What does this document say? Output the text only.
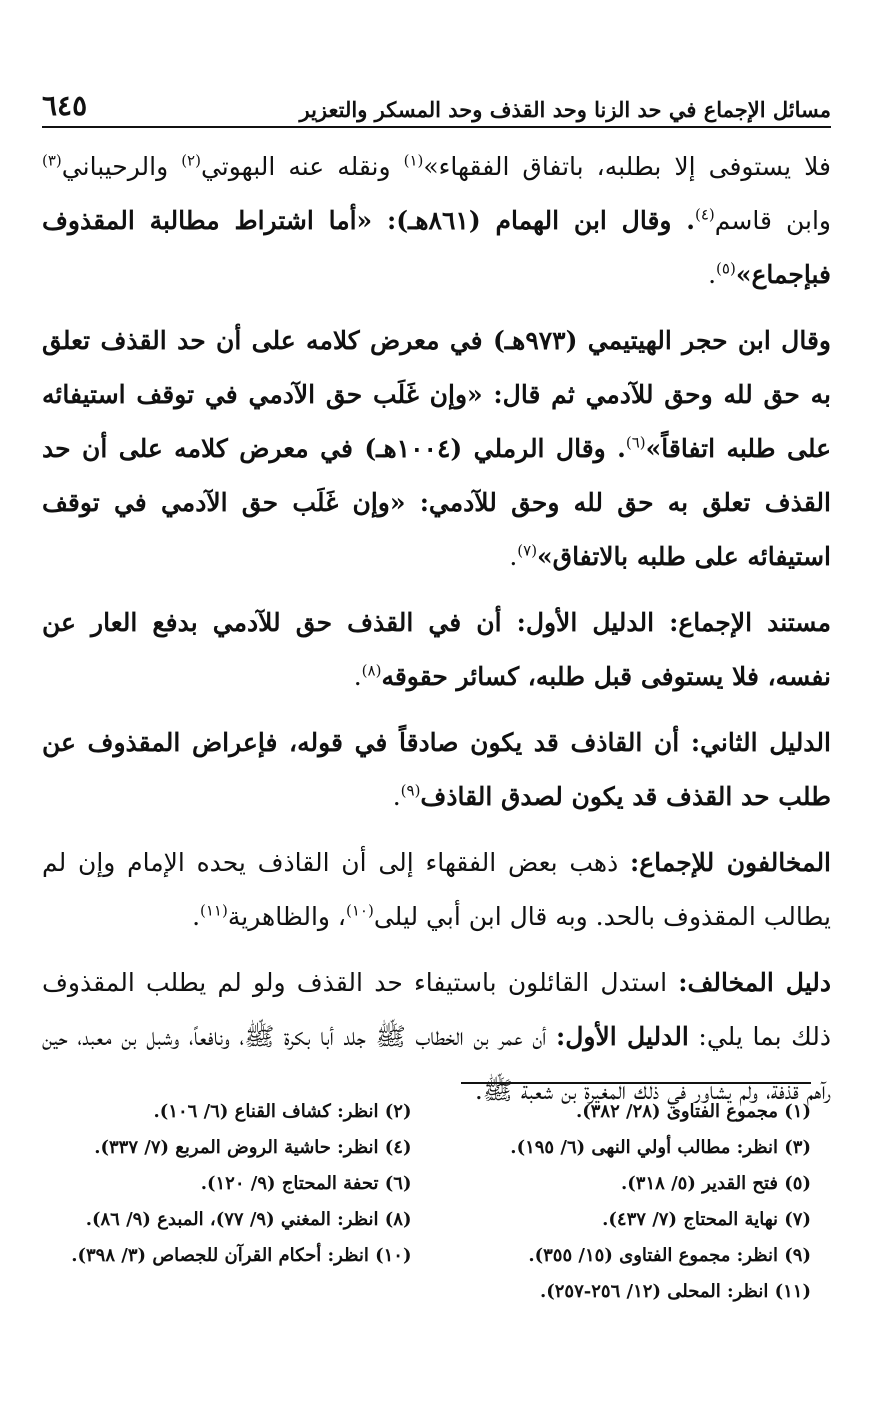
مسائل الإجماع في حد الزنا وحد القذف وحد المسكر والتعزير
٦٤٥

فلا يستوفى إلا بطلبه، باتفاق الفقهاء»$^{(١)}$ ونقله عنه البهوتي$^{(٢)}$ والرحيباني$^{(٣)}$ وابن قاسم$^{(٤)}$. وقال ابن الهمام (٨٦١هـ): «أما اشتراط مطالبة المقذوف فبإجماع»$^{(٥)}$.

وقال ابن حجر الهيتيمي (٩٧٣هـ) في معرض كلامه على أن حد القذف تعلق به حق لله وحق للآدمي ثم قال: «وإن غَلَب حق الآدمي في توقف استيفائه على طلبه اتفاقاً»$^{(٦)}$. وقال الرملي (١٠٠٤هـ) في معرض كلامه على أن حد القذف تعلق به حق لله وحق للآدمي: «وإن غَلَب حق الآدمي في توقف استيفائه على طلبه بالاتفاق»$^{(٧)}$.

مستند الإجماع: الدليل الأول: أن في القذف حق للآدمي بدفع العار عن نفسه، فلا يستوفى قبل طلبه، كسائر حقوقه$^{(٨)}$.

الدليل الثاني: أن القاذف قد يكون صادقاً في قوله، فإعراض المقذوف عن طلب حد القذف قد يكون لصدق القاذف$^{(٩)}$.

المخالفون للإجماع: ذهب بعض الفقهاء إلى أن القاذف يحده الإمام وإن لم يطالب المقذوف بالحد. وبه قال ابن أبي ليلى$^{(١٠)}$، والظاهرية$^{(١١)}$.

دليل المخالف: استدل القائلون باستيفاء حد القذف ولو لم يطلب المقذوف ذلك بما يلي: الدليل الأول: أن عمر بن الخطاب ﷺ جلد أبا بكرة ﷺ، ونافعاً، وشبل بن معبد، حين رآهم قذفة، ولم يشاور في ذلك المغيرة بن شعبة ﷺ.

(١) مجموع الفتاوى (٢٨/ ٣٨٢).
(٢) انظر: كشاف القناع (٦/ ١٠٦).
(٣) انظر: مطالب أولي النهى (٦/ ١٩٥).
(٤) انظر: حاشية الروض المربع (٧/ ٣٣٧).
(٥) فتح القدير (٥/ ٣١٨).
(٦) تحفة المحتاج (٩/ ١٢٠).
(٧) نهاية المحتاج (٧/ ٤٣٧).
(٨) انظر: المغني (٩/ ٧٧)، المبدع (٩/ ٨٦).
(٩) انظر: مجموع الفتاوى (١٥/ ٣٥٥).
(١٠) انظر: أحكام القرآن للجصاص (٣/ ٣٩٨).
(١١) انظر: المحلى (١٢/ ٢٥٦-٢٥٧).
